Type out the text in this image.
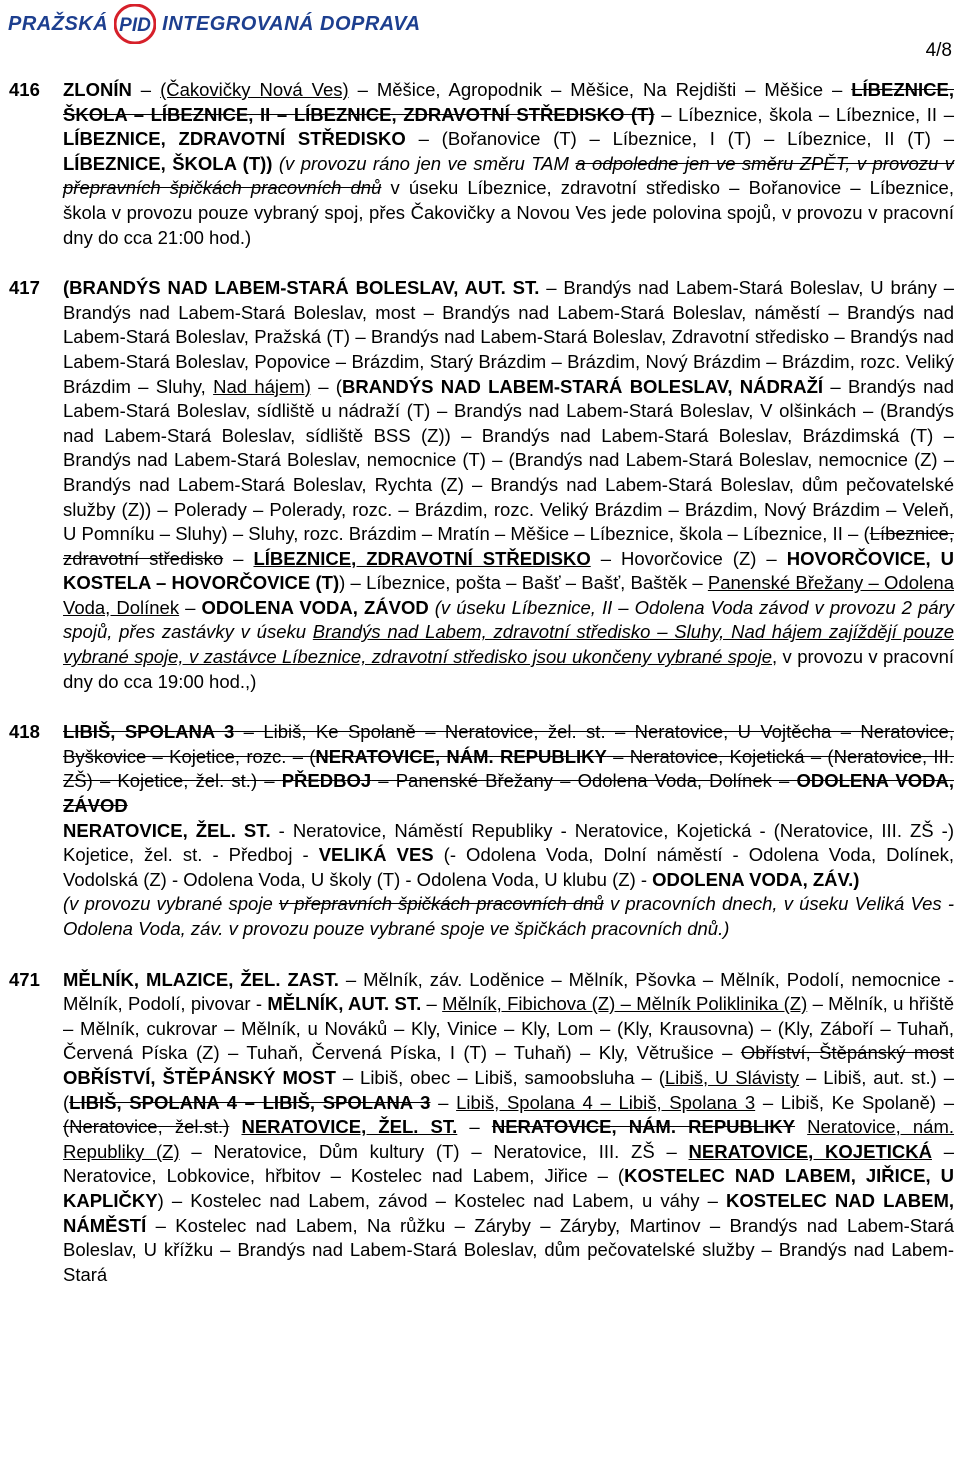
PRAŽSKÁ PID INTEGROVANÁ DOPRAVA
4/8
416 ZLONÍN – (Čakovičky Nová Ves) – Měšice, Agropodnik – Měšice, Na Rejdišti – Měšice – LÍBEZNICE, ŠKOLA – LÍBEZNICE, II – LÍBEZNICE, ZDRAVOTNÍ STŘEDISKO (T) – Líbeznice, škola – Líbeznice, II – LÍBEZNICE, ZDRAVOTNÍ STŘEDISKO – (Bořanovice (T) – Líbeznice, I (T) – Líbeznice, II (T) – LÍBEZNICE, ŠKOLA (T)) (v provozu ráno jen ve směru TAM a odpoledne jen ve směru ZPĚT, v provozu v přepravních špičkách pracovních dnů v úseku Líbeznice, zdravotní středisko – Bořanovice – Líbeznice, škola v provozu pouze vybraný spoj, přes Čakovičky a Novou Ves jede polovina spojů, v provozu v pracovní dny do cca 21:00 hod.)
417 (BRANDÝS NAD LABEM-STARÁ BOLESLAV, AUT. ST. – Brandýs nad Labem-Stará Boleslav, U brány – Brandýs nad Labem-Stará Boleslav, most – Brandýs nad Labem-Stará Boleslav, náměstí – Brandýs nad Labem-Stará Boleslav, Pražská (T) – Brandýs nad Labem-Stará Boleslav, Zdravotní středisko – Brandýs nad Labem-Stará Boleslav, Popovice – Brázdim, Starý Brázdim – Brázdim, Nový Brázdim – Brázdim, rozc. Veliký Brázdim – Sluhy, Nad hájem) – (BRANDÝS NAD LABEM-STARÁ BOLESLAV, NÁDRAŽÍ – Brandýs nad Labem-Stará Boleslav, sídliště u nádraží (T) – Brandýs nad Labem-Stará Boleslav, V olšinkách – (Brandýs nad Labem-Stará Boleslav, sídliště BSS (Z)) – Brandýs nad Labem-Stará Boleslav, Brázdimská (T) – Brandýs nad Labem-Stará Boleslav, nemocnice (T) – (Brandýs nad Labem-Stará Boleslav, nemocnice (Z) – Brandýs nad Labem-Stará Boleslav, Rychta (Z) – Brandýs nad Labem-Stará Boleslav, dům pečovatelské služby (Z)) – Polerady – Polerady, rozc. – Brázdim, rozc. Veliký Brázdim – Brázdim, Nový Brázdim – Veleň, U Pomníku – Sluhy) – Sluhy, rozc. Brázdim – Mratín – Měšice – Líbeznice, škola – Líbeznice, II – (Líbeznice, zdravotní středisko – LÍBEZNICE, ZDRAVOTNÍ STŘEDISKO – Hovorčovice (Z) – HOVORČOVICE, U KOSTELA – HOVORČOVICE (T)) – Líbeznice, pošta – Bašť – Bašť, Baštěk – Panenské Břežany – Odolena Voda, Dolínek – ODOLENA VODA, ZÁVOD (v úseku Líbeznice, II – Odolena Voda závod v provozu 2 páry spojů, přes zastávky v úseku Brandýs nad Labem, zdravotní středisko – Sluhy, Nad hájem zajíždějí pouze vybrané spoje, v zastávce Líbeznice, zdravotní středisko jsou ukončeny vybrané spoje, v provozu v pracovní dny do cca 19:00 hod.,)
418 LIBIŠ, SPOLANA 3 – Libiš, Ke Spolaně – Neratovice, žel. st. – Neratovice, U Vojtěcha – Neratovice, Byškovice – Kojetice, rozc. – (NERATOVICE, NÁM. REPUBLIKY – Neratovice, Kojetická – (Neratovice, III. ZŠ) – Kojetice, žel. st.) – PŘEDBOJ – Panenské Břežany – Odolena Voda, Dolínek – ODOLENA VODA, ZÁVOD
NERATOVICE, ŽEL. ST. - Neratovice, Náměstí Republiky - Neratovice, Kojetická - (Neratovice, III. ZŠ -) Kojetice, žel. st. - Předboj - VELIKÁ VES (- Odolena Voda, Dolní náměstí - Odolena Voda, Dolínek, Vodolská (Z) - Odolena Voda, U školy (T) - Odolena Voda, U klubu (Z) - ODOLENA VODA, ZÁV.)
(v provozu vybrané spoje v přepravních špičkách pracovních dnů v pracovních dnech, v úseku Veliká Ves - Odolena Voda, záv. v provozu pouze vybrané spoje ve špičkách pracovních dnů.)
471 MĚLNÍK, MLAZICE, ŽEL. ZAST. – Mělník, záv. Loděnice – Mělník, Pšovka – Mělník, Podolí, nemocnice - Mělník, Podolí, pivovar - MĚLNÍK, AUT. ST. – Mělník, Fibichova (Z) – Mělník Poliklinika (Z) – Mělník, u hřiště – Mělník, cukrovar – Mělník, u Nováků – Kly, Vinice – Kly, Lom – (Kly, Krausovna) – (Kly, Záboří – Tuhaň, Červená Píska (Z) – Tuhaň, Červená Píska, I (T) – Tuhaň) – Kly, Větrušice – Obříství, Štěpánský most OBŘÍSTVÍ, ŠTĚPÁNSKÝ MOST – Libiš, obec – Libiš, samoobsluha – (Libiš, U Slávisty – Libiš, aut. st.) – (LIBIŠ, SPOLANA 4 – LIBIŠ, SPOLANA 3 – Libiš, Spolana 4 – Libiš, Spolana 3 – Libiš, Ke Spolaně) – (Neratovice, žel.st.) NERATOVICE, ŽEL. ST. – NERATOVICE, NÁM. REPUBLIKY Neratovice, nám. Republiky (Z) – Neratovice, Dům kultury (T) – Neratovice, III. ZŠ – NERATOVICE, KOJETICKÁ – Neratovice, Lobkovice, hřbitov – Kostelec nad Labem, Jiřice – (KOSTELEC NAD LABEM, JIŘICE, U KAPLIČKY) – Kostelec nad Labem, závod – Kostelec nad Labem, u váhy – KOSTELEC NAD LABEM, NÁMĚSTÍ – Kostelec nad Labem, Na růžku – Záryby – Záryby, Martinov – Brandýs nad Labem-Stará Boleslav, U křížku – Brandýs nad Labem-Stará Boleslav, dům pečovatelské služby – Brandýs nad Labem-Stará
